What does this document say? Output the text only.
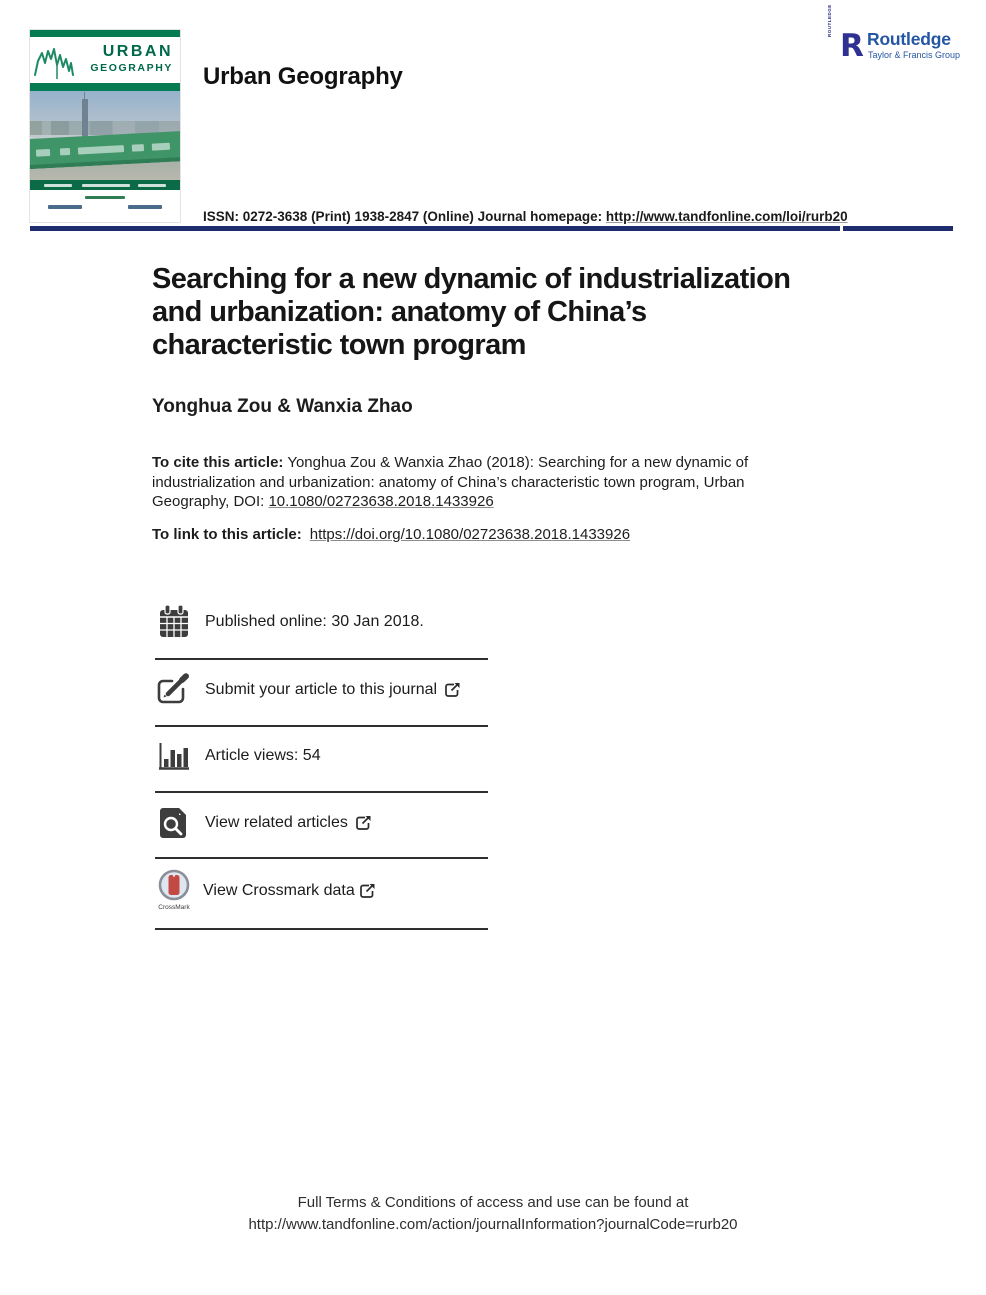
URBAN
GEOGRAPHY Urban Geography
ROUTLEDGE
R Routledge
Taylor & Francis Group
ISSN: 0272-3638 (Print) 1938-2847 (Online) Journal homepage: http://www.tandfonline.com/loi/rurb20
Searching for a new dynamic of industrialization
and urbanization: anatomy of China’s
characteristic town program
Yonghua Zou & Wanxia Zhao

To cite this article: Yonghua Zou & Wanxia Zhao (2018): Searching for a new dynamic of industrialization and urbanization: anatomy of China’s characteristic town program, Urban Geography, DOI: 10.1080/02723638.2018.1433926

To link to this article: https://doi.org/10.1080/02723638.2018.1433926

Published online: 30 Jan 2018.
Submit your article to this journal
Article views: 54
View related articles
CrossMark
View Crossmark data
Full Terms & Conditions of access and use can be found at
http://www.tandfonline.com/action/journalInformation?journalCode=rurb20
